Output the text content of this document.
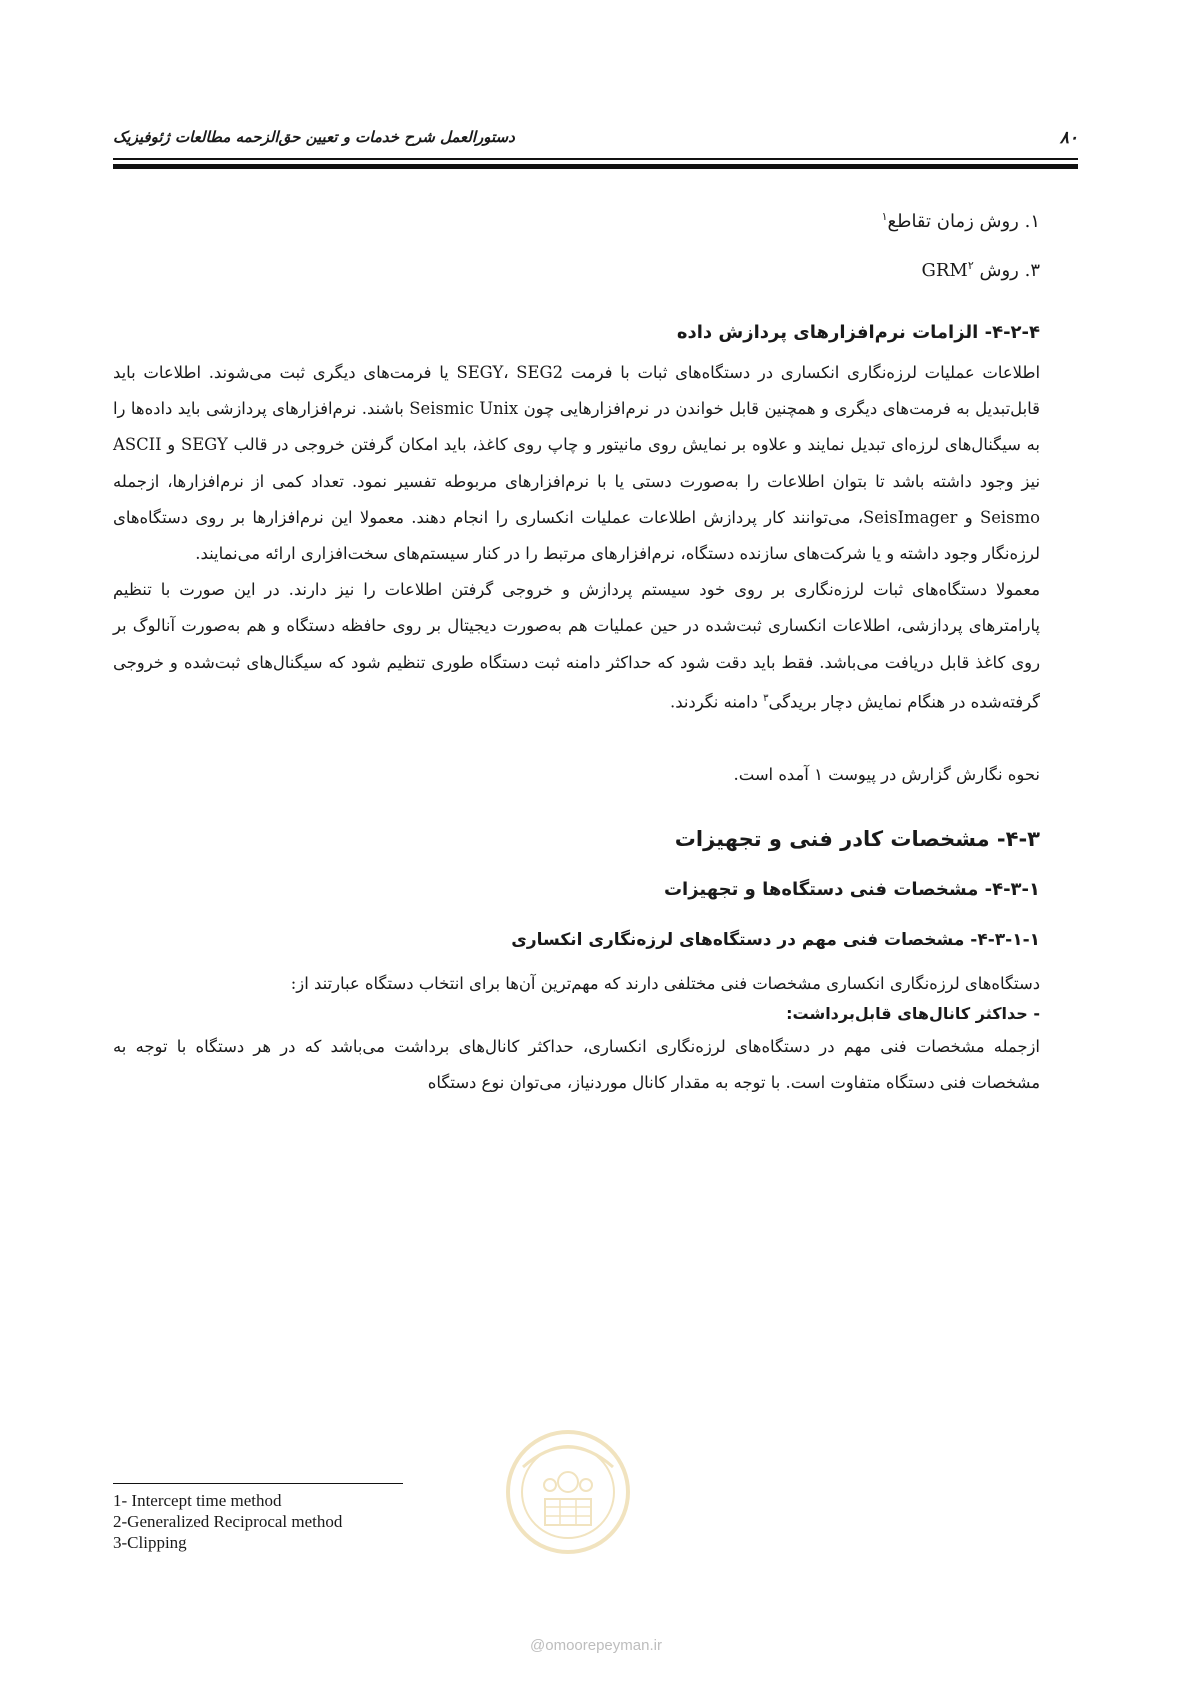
۸۰
دستورالعمل شرح خدمات و تعیین حق‌الزحمه مطالعات ژئوفیزیک
۱. روش زمان تقاطع$^۱$
۳. روش GRM$^۲$
۴-۲-۴- الزامات نرم‌افزارهای پردازش داده

اطلاعات عملیات لرزه‌نگاری انکساری در دستگاه‌های ثبات با فرمت SEGY، SEG2 یا فرمت‌های دیگری ثبت می‌شوند. اطلاعات باید قابل‌تبدیل به فرمت‌های دیگری و همچنین قابل خواندن در نرم‌افزارهایی چون Seismic Unix باشند. نرم‌افزارهای پردازشی باید داده‌ها را به سیگنال‌های لرزه‌ای تبدیل نمایند و علاوه بر نمایش روی مانیتور و چاپ روی کاغذ، باید امکان گرفتن خروجی در قالب SEGY و ASCII نیز وجود داشته باشد تا بتوان اطلاعات را به‌صورت دستی یا با نرم‌افزارهای مربوطه تفسیر نمود. تعداد کمی از نرم‌افزارها، ازجمله Seismo و SeisImager، می‌توانند کار پردازش اطلاعات عملیات انکساری را انجام دهند. معمولا این نرم‌افزارها بر روی دستگاه‌های لرزه‌نگار وجود داشته و یا شرکت‌های سازنده دستگاه، نرم‌افزارهای مرتبط را در کنار سیستم‌های سخت‌افزاری ارائه می‌نمایند.

معمولا دستگاه‌های ثبات لرزه‌نگاری بر روی خود سیستم پردازش و خروجی گرفتن اطلاعات را نیز دارند. در این صورت با تنظیم پارامترهای پردازشی، اطلاعات انکساری ثبت‌شده در حین عملیات هم به‌صورت دیجیتال بر روی حافظه دستگاه و هم به‌صورت آنالوگ بر روی کاغذ قابل دریافت می‌باشد. فقط باید دقت شود که حداکثر دامنه ثبت دستگاه طوری تنظیم شود که سیگنال‌های ثبت‌شده و خروجی گرفته‌شده در هنگام نمایش دچار بریدگی$^۳$ دامنه نگردند.

نحوه نگارش گزارش در پیوست ۱ آمده است.

۴-۳- مشخصات کادر فنی و تجهیزات
۴-۳-۱- مشخصات فنی دستگاه‌ها و تجهیزات
۴-۳-۱-۱- مشخصات فنی مهم در دستگاه‌های لرزه‌نگاری انکساری

دستگاه‌های لرزه‌نگاری انکساری مشخصات فنی مختلفی دارند که مهم‌ترین آن‌ها برای انتخاب دستگاه عبارتند از:

- حداکثر کانال‌های قابل‌برداشت:

ازجمله مشخصات فنی مهم در دستگاه‌های لرزه‌نگاری انکساری، حداکثر کانال‌های برداشت می‌باشد که در هر دستگاه با توجه به مشخصات فنی دستگاه متفاوت است. با توجه به مقدار کانال موردنیاز، می‌توان نوع دستگاه

1- Intercept time method
2-Generalized Reciprocal method
3-Clipping
@omoorepeyman.ir
